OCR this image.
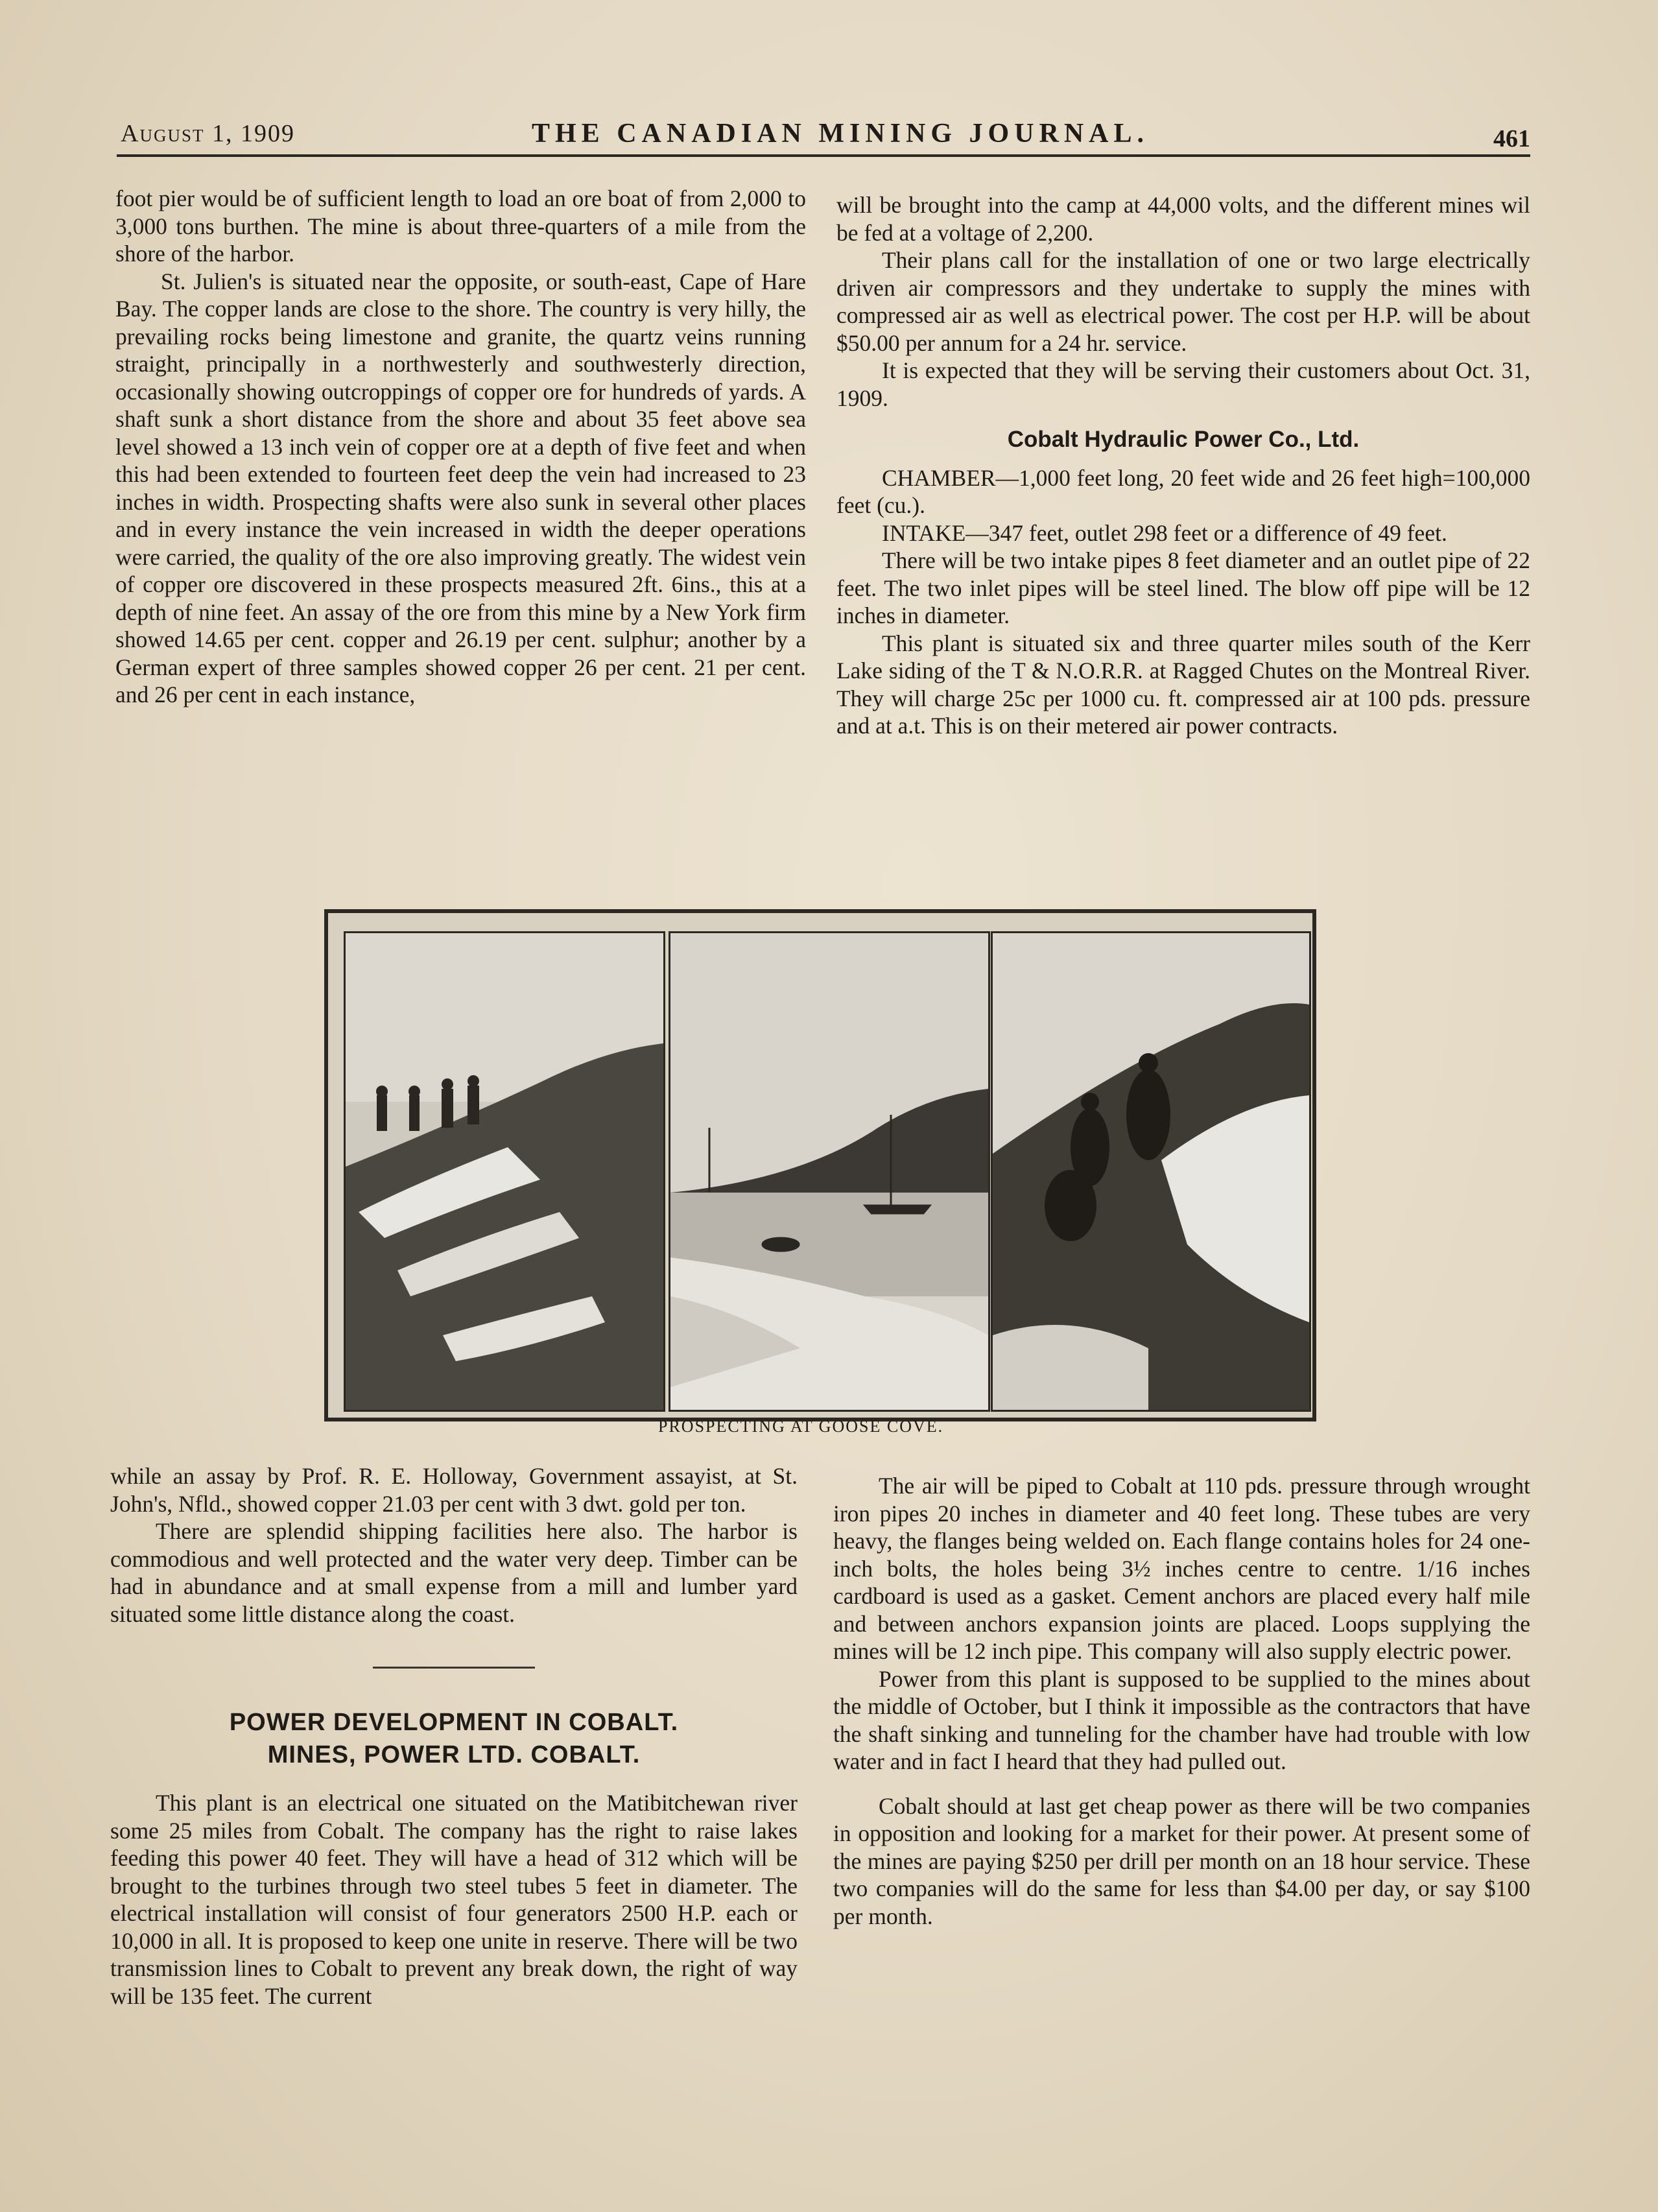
August 1, 1909	THE CANADIAN MINING JOURNAL.	461

foot pier would be of sufficient length to load an ore boat of from 2,000 to 3,000 tons burthen. The mine is about three-quarters of a mile from the shore of the harbor.

St. Julien's is situated near the opposite, or south-east, Cape of Hare Bay. The copper lands are close to the shore. The country is very hilly, the prevailing rocks being limestone and granite, the quartz veins running straight, principally in a northwesterly and southwesterly direction, occasionally showing outcroppings of copper ore for hundreds of yards. A shaft sunk a short distance from the shore and about 35 feet above sea level showed a 13 inch vein of copper ore at a depth of five feet and when this had been extended to fourteen feet deep the vein had increased to 23 inches in width. Prospecting shafts were also sunk in several other places and in every instance the vein increased in width the deeper operations were carried, the quality of the ore also improving greatly. The widest vein of copper ore discovered in these prospects measured 2ft. 6ins., this at a depth of nine feet. An assay of the ore from this mine by a New York firm showed 14.65 per cent. copper and 26.19 per cent. sulphur; another by a German expert of three samples showed copper 26 per cent. 21 per cent. and 26 per cent in each instance,

will be brought into the camp at 44,000 volts, and the different mines wil be fed at a voltage of 2,200.

Their plans call for the installation of one or two large electrically driven air compressors and they undertake to supply the mines with compressed air as well as electrical power. The cost per H.P. will be about $50.00 per annum for a 24 hr. service.

It is expected that they will be serving their customers about Oct. 31, 1909.

Cobalt Hydraulic Power Co., Ltd.

CHAMBER—1,000 feet long, 20 feet wide and 26 feet high=100,000 feet (cu.).

INTAKE—347 feet, outlet 298 feet or a difference of 49 feet.

There will be two intake pipes 8 feet diameter and an outlet pipe of 22 feet. The two inlet pipes will be steel lined. The blow off pipe will be 12 inches in diameter.

This plant is situated six and three quarter miles south of the Kerr Lake siding of the T & N.O.R.R. at Ragged Chutes on the Montreal River. They will charge 25c per 1000 cu. ft. compressed air at 100 pds. pressure and at a.t. This is on their metered air power contracts.

PROSPECTING AT GOOSE COVE.

while an assay by Prof. R. E. Holloway, Government assayist, at St. John's, Nfld., showed copper 21.03 per cent with 3 dwt. gold per ton.

There are splendid shipping facilities here also. The harbor is commodious and well protected and the water very deep. Timber can be had in abundance and at small expense from a mill and lumber yard situated some little distance along the coast.

POWER DEVELOPMENT IN COBALT.
MINES, POWER LTD. COBALT.

This plant is an electrical one situated on the Matibitchewan river some 25 miles from Cobalt. The company has the right to raise lakes feeding this power 40 feet. They will have a head of 312 which will be brought to the turbines through two steel tubes 5 feet in diameter. The electrical installation will consist of four generators 2500 H.P. each or 10,000 in all. It is proposed to keep one unite in reserve. There will be two transmission lines to Cobalt to prevent any break down, the right of way will be 135 feet. The current

The air will be piped to Cobalt at 110 pds. pressure through wrought iron pipes 20 inches in diameter and 40 feet long. These tubes are very heavy, the flanges being welded on. Each flange contains holes for 24 one-inch bolts, the holes being 3½ inches centre to centre. 1/16 inches cardboard is used as a gasket. Cement anchors are placed every half mile and between anchors expansion joints are placed. Loops supplying the mines will be 12 inch pipe. This company will also supply electric power.

Power from this plant is supposed to be supplied to the mines about the middle of October, but I think it impossible as the contractors that have the shaft sinking and tunneling for the chamber have had trouble with low water and in fact I heard that they had pulled out.

Cobalt should at last get cheap power as there will be two companies in opposition and looking for a market for their power. At present some of the mines are paying $250 per drill per month on an 18 hour service. These two companies will do the same for less than $4.00 per day, or say $100 per month.
